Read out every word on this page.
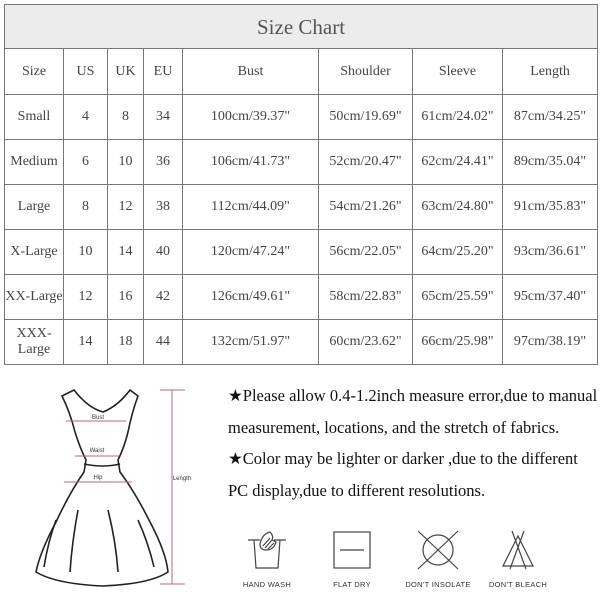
Size Chart							
Size	US	UK	EU	Bust	Shoulder	Sleeve	Length
Small	4	8	34	100cm/39.37"	50cm/19.69"	61cm/24.02"	87cm/34.25"
Medium	6	10	36	106cm/41.73"	52cm/20.47"	62cm/24.41"	89cm/35.04"
Large	8	12	38	112cm/44.09"	54cm/21.26"	63cm/24.80"	91cm/35.83"
X-Large	10	14	40	120cm/47.24"	56cm/22.05"	64cm/25.20"	93cm/36.61"
XX-Large	12	16	42	126cm/49.61"	58cm/22.83"	65cm/25.59"	95cm/37.40"
XXX-
Large	14	18	44	132cm/51.97"	60cm/23.62"	66cm/25.98"	97cm/38.19"
Bust
Waist
Hip	Length
★Please allow 0.4-1.2inch measure error,due to manual measurement, locations, and the stretch of fabrics.
★Color may be lighter or darker ,due to the different PC display,due to different resolutions.
HAND WASH	FLAT DRY	DON'T INSOLATE	DON'T BLEACH
